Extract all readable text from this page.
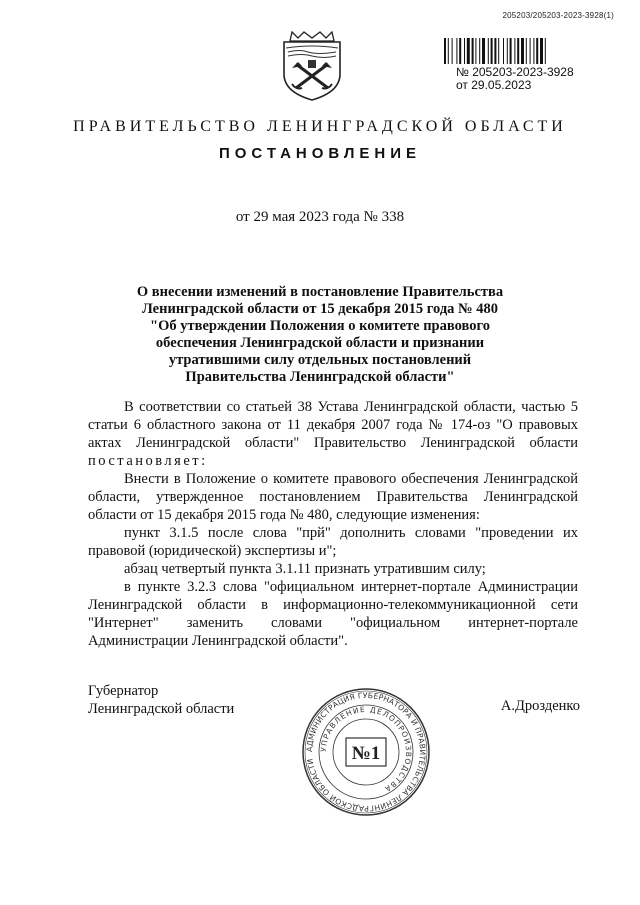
205203/205203-2023-3928(1)
№ 205203-2023-3928
от 29.05.2023
ПРАВИТЕЛЬСТВО ЛЕНИНГРАДСКОЙ ОБЛАСТИ
ПОСТАНОВЛЕНИЕ
от 29 мая 2023 года № 338
О внесении изменений в постановление Правительства
Ленинградской области от 15 декабря 2015 года № 480
"Об утверждении Положения о комитете правового
обеспечения Ленинградской области и признании
утратившими силу отдельных постановлений
Правительства Ленинградской области"

В соответствии со статьей 38 Устава Ленинградской области, частью 5 статьи 6 областного закона от 11 декабря 2007 года № 174-оз "О правовых актах Ленинградской области" Правительство Ленинградской области постановляет:

Внести в Положение о комитете правового обеспечения Ленинградской области, утвержденное постановлением Правительства Ленинградской области от 15 декабря 2015 года № 480, следующие изменения:

пункт 3.1.5 после слова "прй" дополнить словами "проведении их правовой (юридической) экспертизы и";

абзац четвертый пункта 3.1.11 признать утратившим силу;

в пункте 3.2.3 слова "официальном интернет-портале Администрации Ленинградской области в информационно-телекоммуникационной сети "Интернет" заменить словами "официальном интернет-портале Администрации Ленинградской области".

Губернатор
Ленинградской области	А.Дрозденко
АДМИНИСТРАЦИЯ ГУБЕРНАТОРА И ПРАВИТЕЛЬСТВА ЛЕНИНГРАДСКОЙ ОБЛАСТИ
УПРАВЛЕНИЕ ДЕЛОПРОИЗВОДСТВА
№1
